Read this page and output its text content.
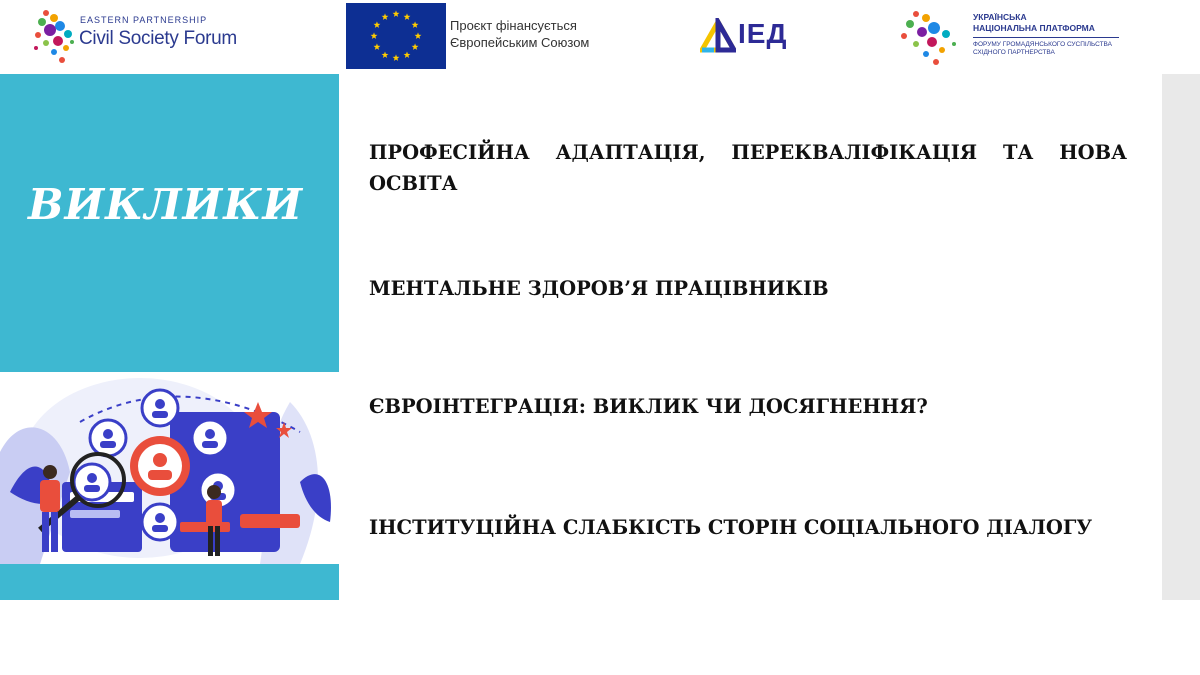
EASTERN PARTNERSHIP
Civil Society Forum
Проєкт фінансується
Європейським Союзом	ІЕД
УКРАЇНСЬКА
НАЦІОНАЛЬНА ПЛАТФОРМА
ФОРУМУ ГРОМАДЯНСЬКОГО СУСПІЛЬСТВА
СХІДНОГО ПАРТНЕРСТВА
ВИКЛИКИ
ПРОФЕСІЙНА АДАПТАЦІЯ, ПЕРЕКВАЛІФІКАЦІЯ ТА НОВА ОСВІТА
МЕНТАЛЬНЕ ЗДОРОВ’Я ПРАЦІВНИКІВ
ЄВРОІНТЕГРАЦІЯ: ВИКЛИК ЧИ ДОСЯГНЕННЯ?
ІНСТИТУЦІЙНА СЛАБКІСТЬ СТОРІН СОЦІАЛЬНОГО ДІАЛОГУ
